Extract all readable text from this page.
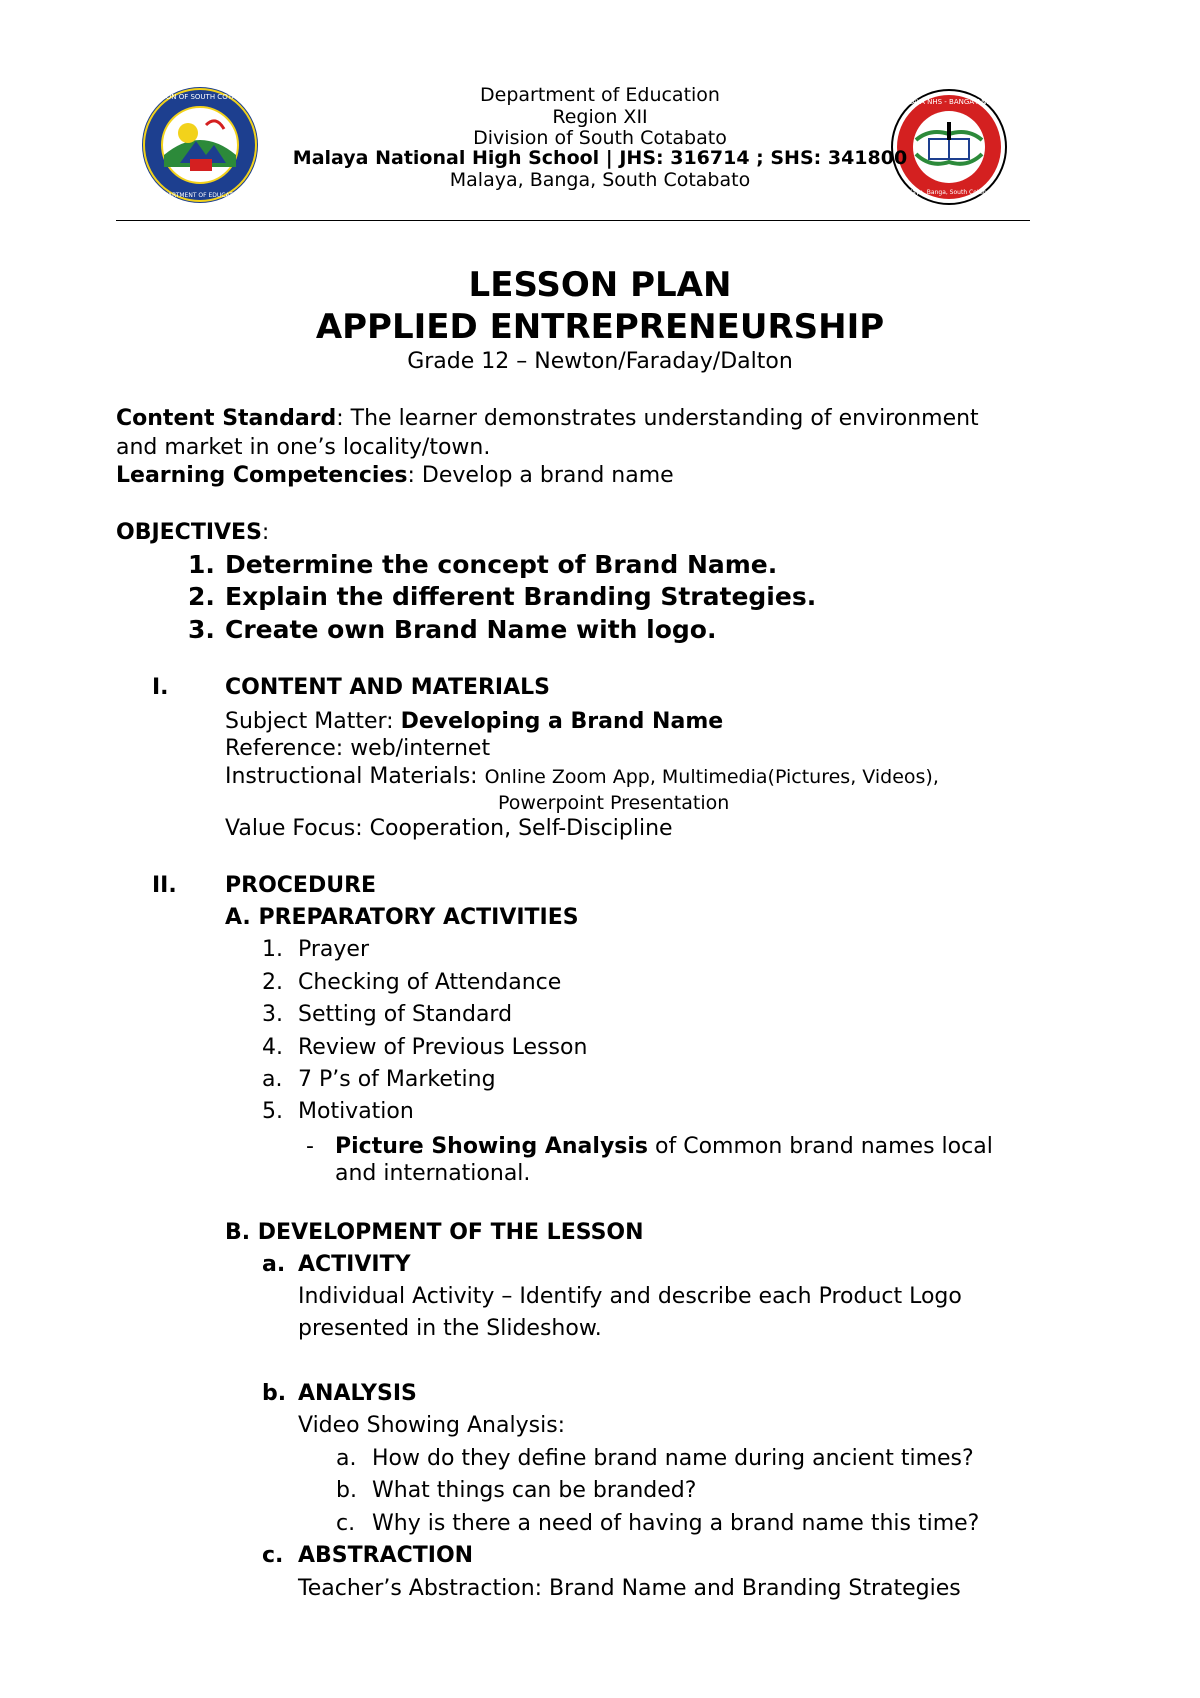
DIVISION OF SOUTH COTABATO
DEPARTMENT OF EDUCATION
MALAYA NHS - BANGA ANNEX
Malaya, Banga, South Cotabato
Department of Education
Region XII
Division of South Cotabato
Malaya National High School | JHS: 316714 ; SHS: 341800
Malaya, Banga, South Cotabato
LESSON PLAN
APPLIED ENTREPRENEURSHIP
Grade 12 – Newton/Faraday/Dalton
Content Standard: The learner demonstrates understanding of environment
and market in one’s locality/town.
Learning Competencies: Develop a brand name
OBJECTIVES:
1. Determine the concept of Brand Name.
2. Explain the different Branding Strategies.
3. Create own Brand Name with logo.
I.	CONTENT AND MATERIALS
Subject Matter: Developing a Brand Name
Reference: web/internet
Instructional Materials: Online Zoom App, Multimedia(Pictures, Videos),
Powerpoint Presentation
Value Focus: Cooperation, Self-Discipline
II. PROCEDURE
A. PREPARATORY ACTIVITIES
1. Prayer
2. Checking of Attendance
3. Setting of Standard
4. Review of Previous Lesson
a. 7 P’s of Marketing
5. Motivation
- Picture Showing Analysis of Common brand names local
and international.
B. DEVELOPMENT OF THE LESSON
a. ACTIVITY
Individual Activity – Identify and describe each Product Logo
presented in the Slideshow.
b. ANALYSIS
Video Showing Analysis:
a. How do they define brand name during ancient times?
b. What things can be branded?
c. Why is there a need of having a brand name this time?
c. ABSTRACTION
Teacher’s Abstraction: Brand Name and Branding Strategies
